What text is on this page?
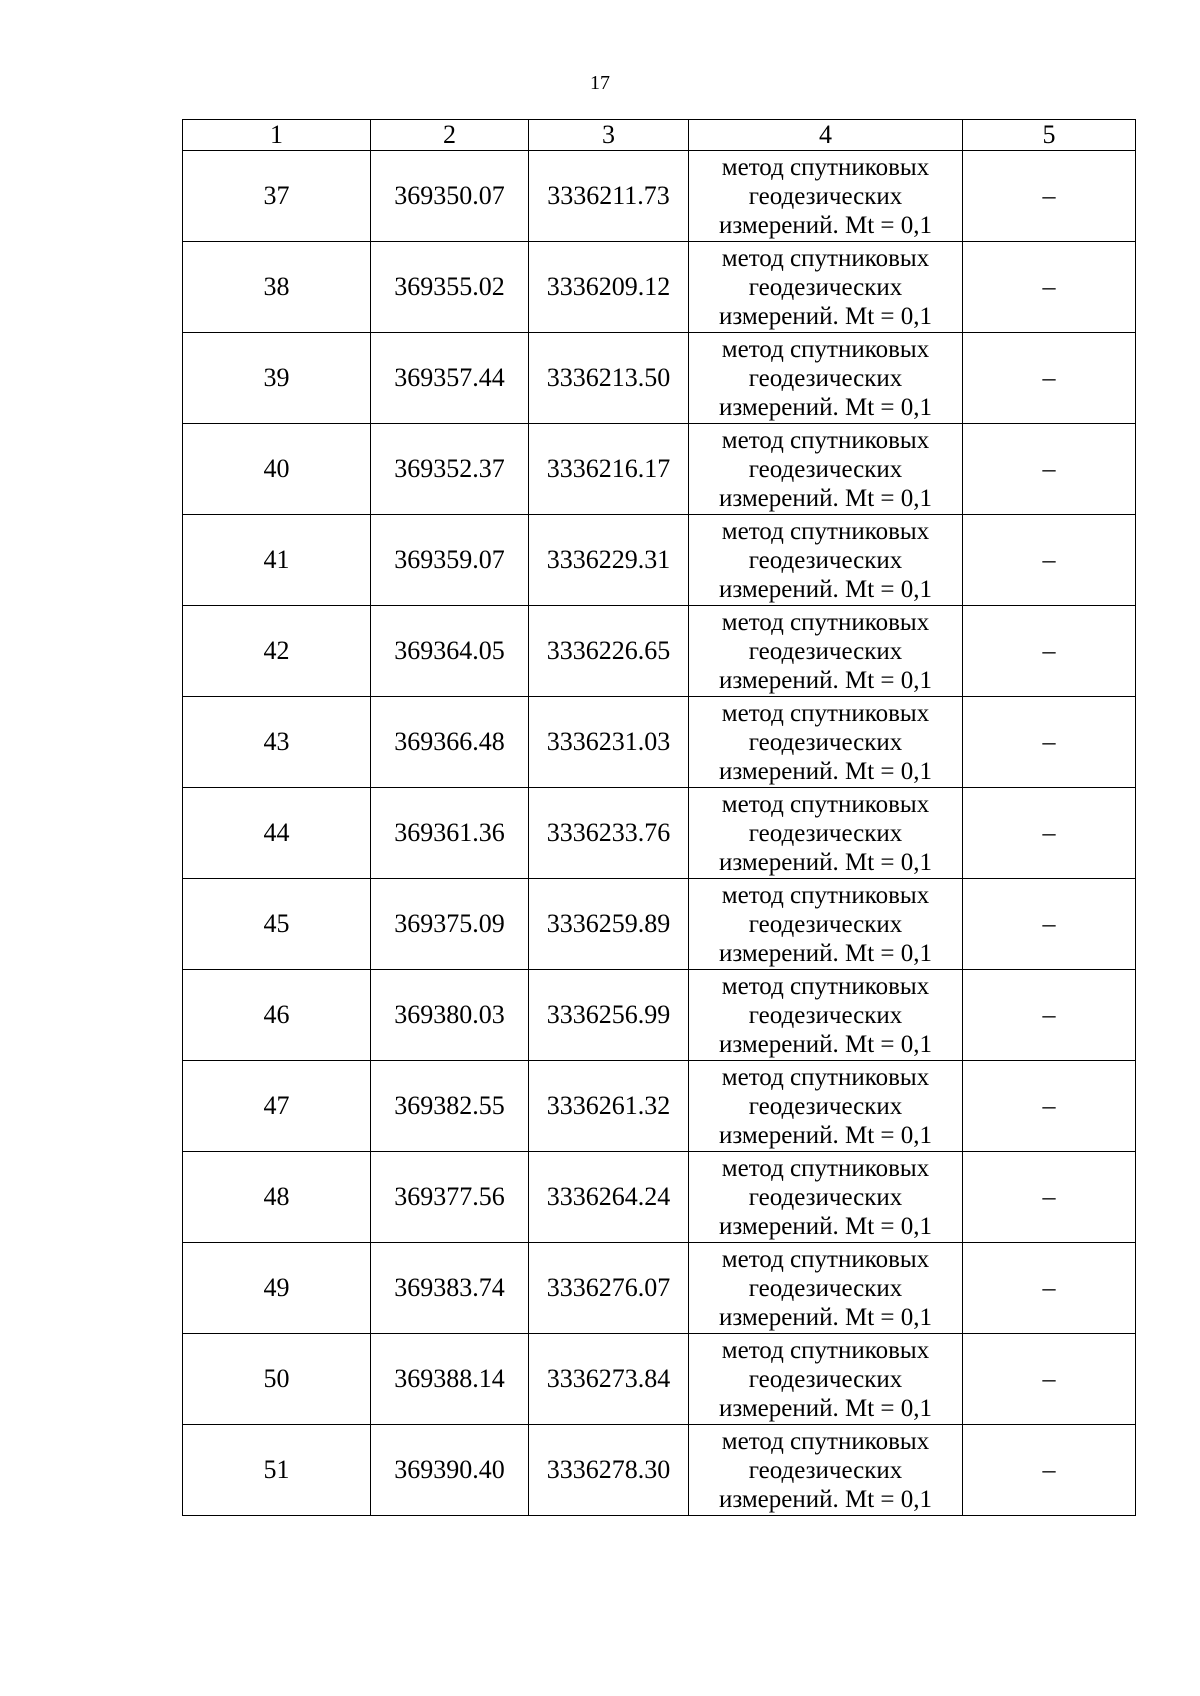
17
1	2	3	4	5
37	369350.07	3336211.73	метод спутниковых
геодезических
измерений. Mt = 0,1	–
38	369355.02	3336209.12	метод спутниковых
геодезических
измерений. Mt = 0,1	–
39	369357.44	3336213.50	метод спутниковых
геодезических
измерений. Mt = 0,1	–
40	369352.37	3336216.17	метод спутниковых
геодезических
измерений. Mt = 0,1	–
41	369359.07	3336229.31	метод спутниковых
геодезических
измерений. Mt = 0,1	–
42	369364.05	3336226.65	метод спутниковых
геодезических
измерений. Mt = 0,1	–
43	369366.48	3336231.03	метод спутниковых
геодезических
измерений. Mt = 0,1	–
44	369361.36	3336233.76	метод спутниковых
геодезических
измерений. Mt = 0,1	–
45	369375.09	3336259.89	метод спутниковых
геодезических
измерений. Mt = 0,1	–
46	369380.03	3336256.99	метод спутниковых
геодезических
измерений. Mt = 0,1	–
47	369382.55	3336261.32	метод спутниковых
геодезических
измерений. Mt = 0,1	–
48	369377.56	3336264.24	метод спутниковых
геодезических
измерений. Mt = 0,1	–
49	369383.74	3336276.07	метод спутниковых
геодезических
измерений. Mt = 0,1	–
50	369388.14	3336273.84	метод спутниковых
геодезических
измерений. Mt = 0,1	–
51	369390.40	3336278.30	метод спутниковых
геодезических
измерений. Mt = 0,1	–
